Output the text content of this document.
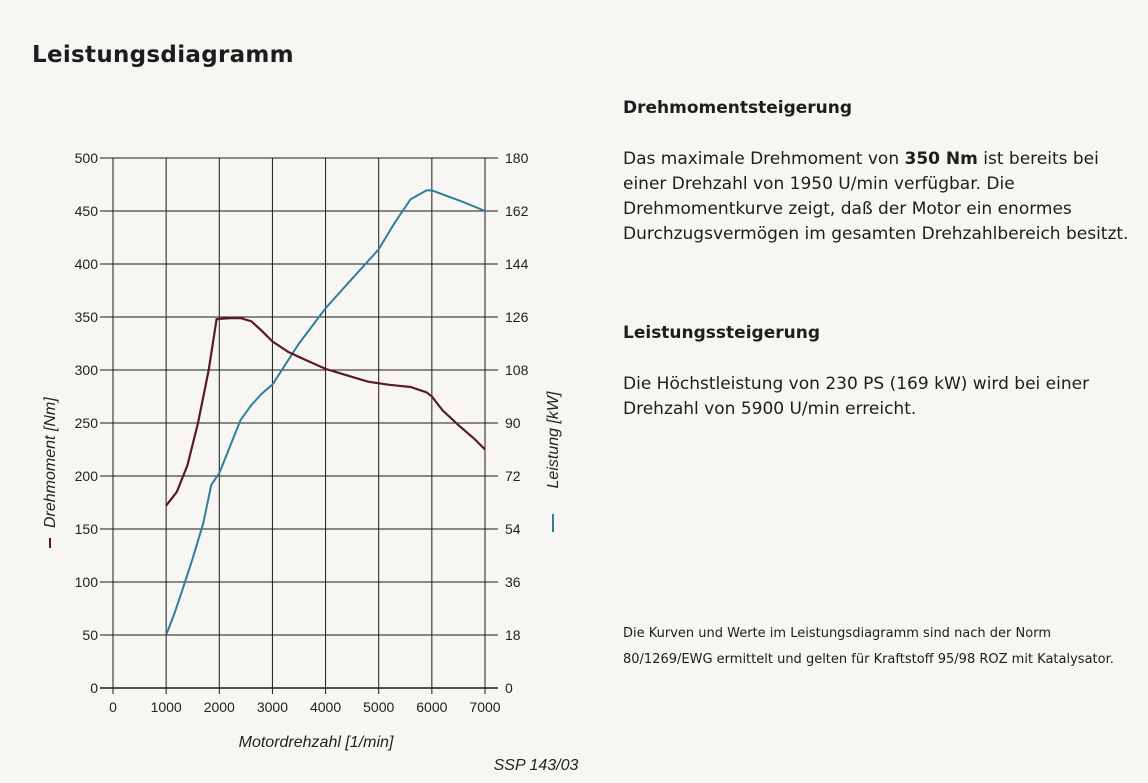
Leistungsdiagramm
0	0
50	18
100	36
150	54
200	72
250	90
300	108
350	126
400	144
450	162
500	180
0 1000 2000 3000 4000 5000 6000 7000
Motordrehzahl [1/min]
Drehmoment [Nm]	Leistung [kW]
SSP 143/03
Drehmomentsteigerung
Das maximale Drehmoment von 350 Nm ist bereits bei einer Drehzahl von 1950 U/min verfügbar. Die Drehmomentkurve zeigt, daß der Motor ein enormes Durchzugsvermögen im gesamten Drehzahlbereich besitzt.
Leistungssteigerung
Die Höchstleistung von 230 PS (169 kW) wird bei einer Drehzahl von 5900 U/min erreicht.
Die Kurven und Werte im Leistungsdiagramm sind nach der Norm 80/1269/EWG ermittelt und gelten für Kraftstoff 95/98 ROZ mit Katalysator.
